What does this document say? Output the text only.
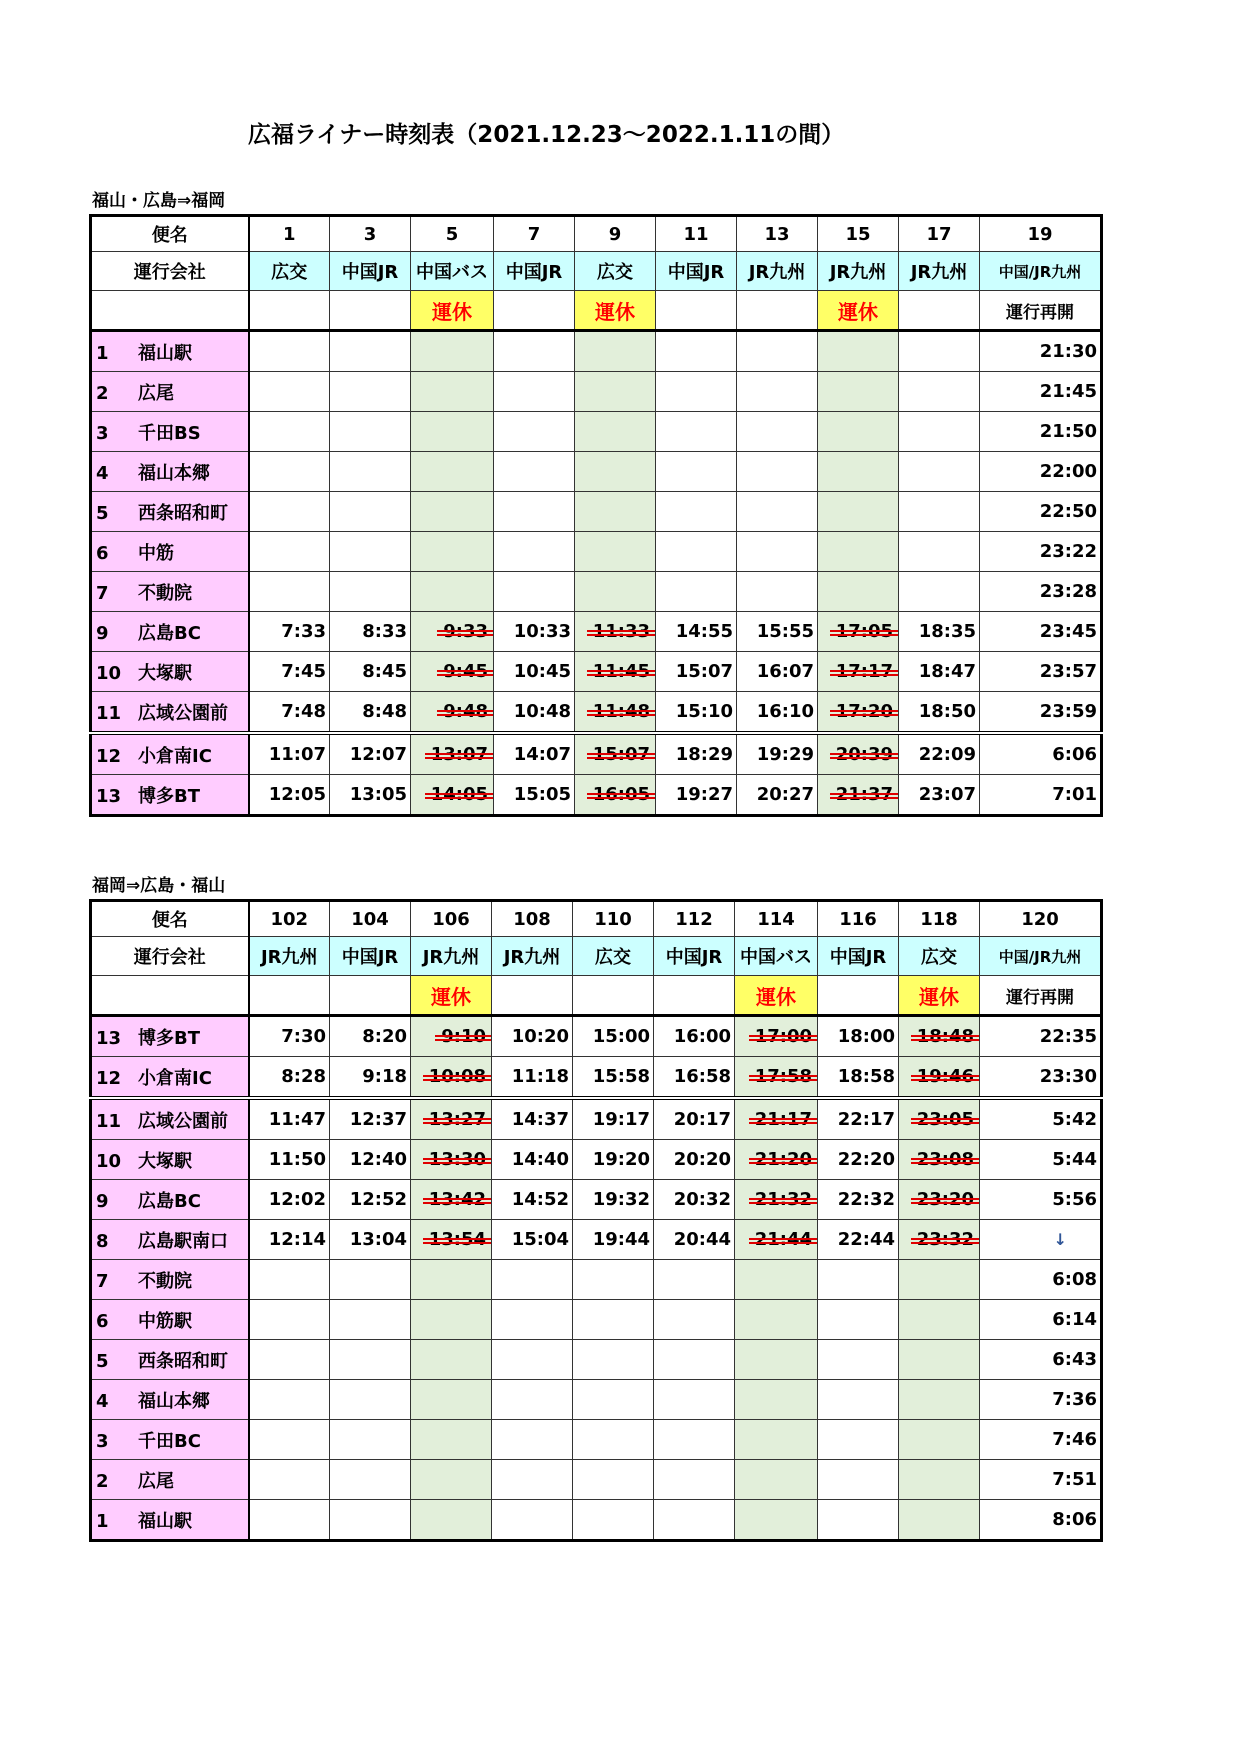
広福ライナー時刻表（2021.12.23～2022.1.11の間）
福山・広島⇒福岡
便名	1	3	5	7	9	11	13	15	17	19
運行会社	広交	中国JR	中国バス	中国JR	広交	中国JR	JR九州	JR九州	JR九州	中国/JR九州
			運休		運休			運休		運行再開
1 福山駅										21:30
2 広尾										21:45
3 千田BS										21:50
4 福山本郷										22:00
5 西条昭和町										22:50
6 中筋										23:22
7 不動院										23:28
9 広島BC	7:33	8:33	9:33	10:33	11:33	14:55	15:55	17:05	18:35	23:45
10 大塚駅	7:45	8:45	9:45	10:45	11:45	15:07	16:07	17:17	18:47	23:57
11 広域公園前	7:48	8:48	9:48	10:48	11:48	15:10	16:10	17:20	18:50	23:59
12 小倉南IC	11:07	12:07	13:07	14:07	15:07	18:29	19:29	20:39	22:09	6:06
13 博多BT	12:05	13:05	14:05	15:05	16:05	19:27	20:27	21:37	23:07	7:01
福岡⇒広島・福山
便名	102	104	106	108	110	112	114	116	118	120
運行会社	JR九州	中国JR	JR九州	JR九州	広交	中国JR	中国バス	中国JR	広交	中国/JR九州
			運休				運休		運休	運行再開
13 博多BT	7:30	8:20	9:10	10:20	15:00	16:00	17:00	18:00	18:48	22:35
12 小倉南IC	8:28	9:18	10:08	11:18	15:58	16:58	17:58	18:58	19:46	23:30
11 広域公園前	11:47	12:37	13:27	14:37	19:17	20:17	21:17	22:17	23:05	5:42
10 大塚駅	11:50	12:40	13:30	14:40	19:20	20:20	21:20	22:20	23:08	5:44
9 広島BC	12:02	12:52	13:42	14:52	19:32	20:32	21:32	22:32	23:20	5:56
8 広島駅南口	12:14	13:04	13:54	15:04	19:44	20:44	21:44	22:44	23:32	↓
7 不動院										6:08
6 中筋駅										6:14
5 西条昭和町										6:43
4 福山本郷										7:36
3 千田BC										7:46
2 広尾										7:51
1 福山駅										8:06
